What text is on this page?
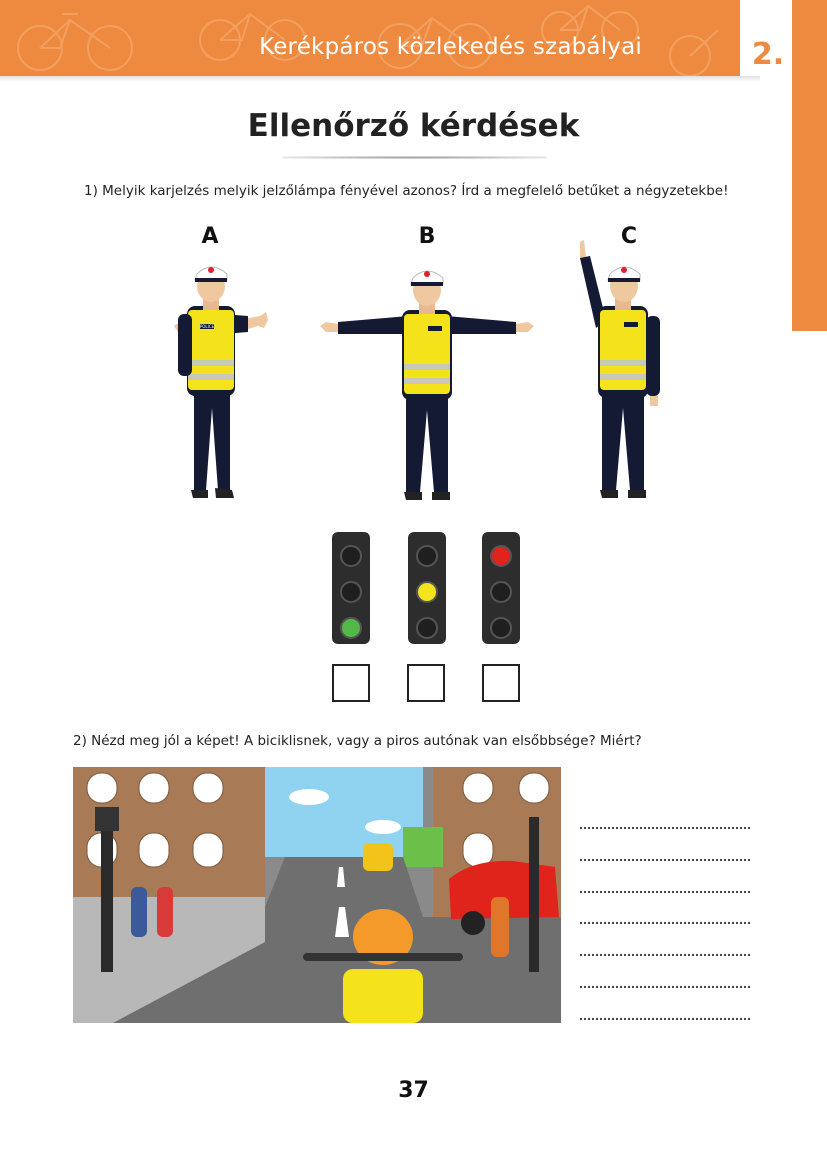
Kerékpáros közlekedés szabályai	2.
Ellenőrző kérdések
1) Melyik karjelzés melyik jelzőlámpa fényével azonos? Írd a megfelelő betűket a négyzetekbe!
A	B	C
POLICE
2) Nézd meg jól a képet! A biciklisnek, vagy a piros autónak van elsőbbsége? Miért?
37
